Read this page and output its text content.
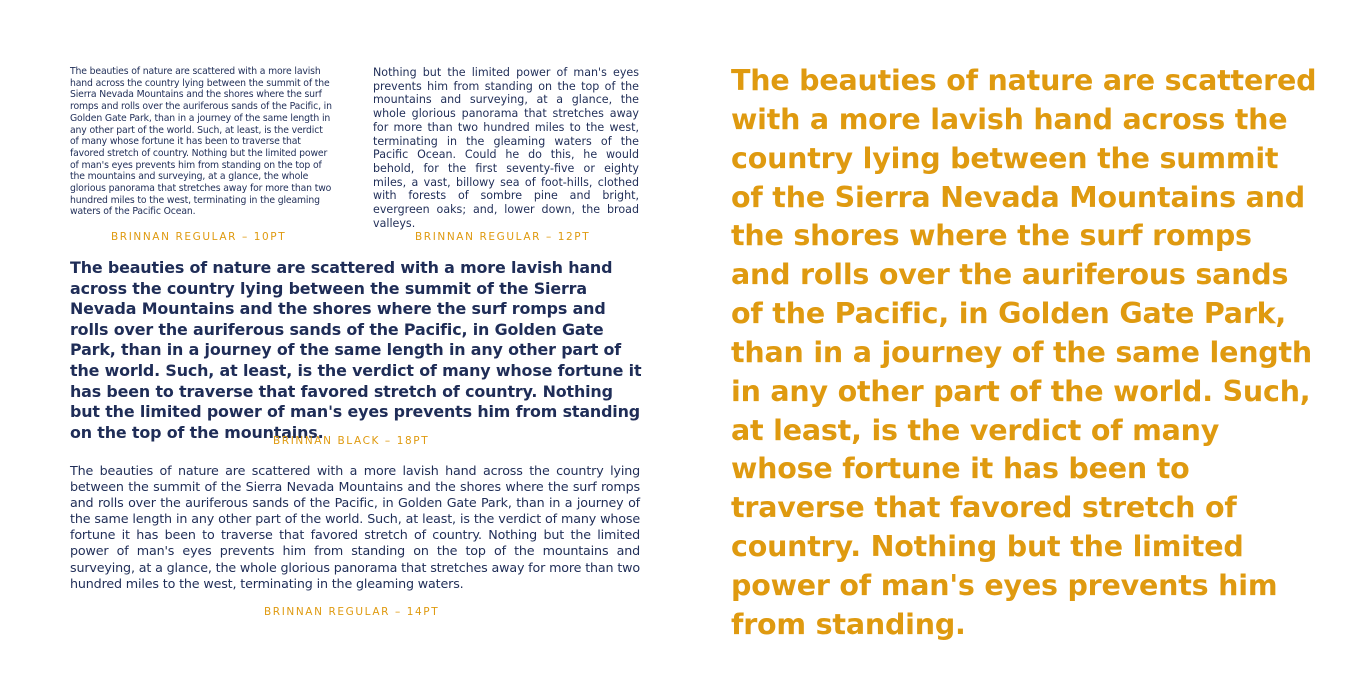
The beauties of nature are scattered with a more lavish hand across the country lying between the summit of the Sierra Nevada Mountains and the shores where the surf romps and rolls over the auriferous sands of the Pacific, in Golden Gate Park, than in a journey of the same length in any other part of the world. Such, at least, is the verdict of many whose fortune it has been to traverse that favored stretch of country. Nothing but the limited power of man's eyes prevents him from standing on the top of the mountains and surveying, at a glance, the whole glorious panorama that stretches away for more than two hundred miles to the west, terminating in the gleaming waters of the Pacific Ocean.

Nothing but the limited power of man's eyes prevents him from standing on the top of the mountains and surveying, at a glance, the whole glorious panorama that stretches away for more than two hundred miles to the west, terminating in the gleaming waters of the Pacific Ocean. Could he do this, he would behold, for the first seventy-five or eighty miles, a vast, billowy sea of foot-hills, clothed with forests of sombre pine and bright, evergreen oaks; and, lower down, the broad valleys.

BRINNAN REGULAR – 10PT	BRINNAN REGULAR – 12PT

The beauties of nature are scattered with a more lavish hand across the country lying between the summit of the Sierra Nevada Mountains and the shores where the surf romps and rolls over the auriferous sands of the Pacific, in Golden Gate Park, than in a journey of the same length in any other part of the world. Such, at least, is the verdict of many whose fortune it has been to traverse that favored stretch of country. Nothing but the limited power of man's eyes prevents him from standing on the top of the mountains.

BRINNAN BLACK – 18PT

The beauties of nature are scattered with a more lavish hand across the country lying between the summit of the Sierra Nevada Mountains and the shores where the surf romps and rolls over the auriferous sands of the Pacific, in Golden Gate Park, than in a journey of the same length in any other part of the world. Such, at least, is the verdict of many whose fortune it has been to traverse that favored stretch of country. Nothing but the limited power of man's eyes prevents him from standing on the top of the mountains and surveying, at a glance, the whole glorious panorama that stretches away for more than two hundred miles to the west, terminating in the gleaming waters.

BRINNAN REGULAR – 14PT

The beauties of nature are scattered with a more lavish hand across the country lying between the summit of the Sierra Nevada Mountains and the shores where the surf romps and rolls over the auriferous sands of the Pacific, in Golden Gate Park, than in a journey of the same length in any other part of the world. Such, at least, is the verdict of many whose fortune it has been to traverse that favored stretch of country. Nothing but the limited power of man's eyes prevents him from standing.
